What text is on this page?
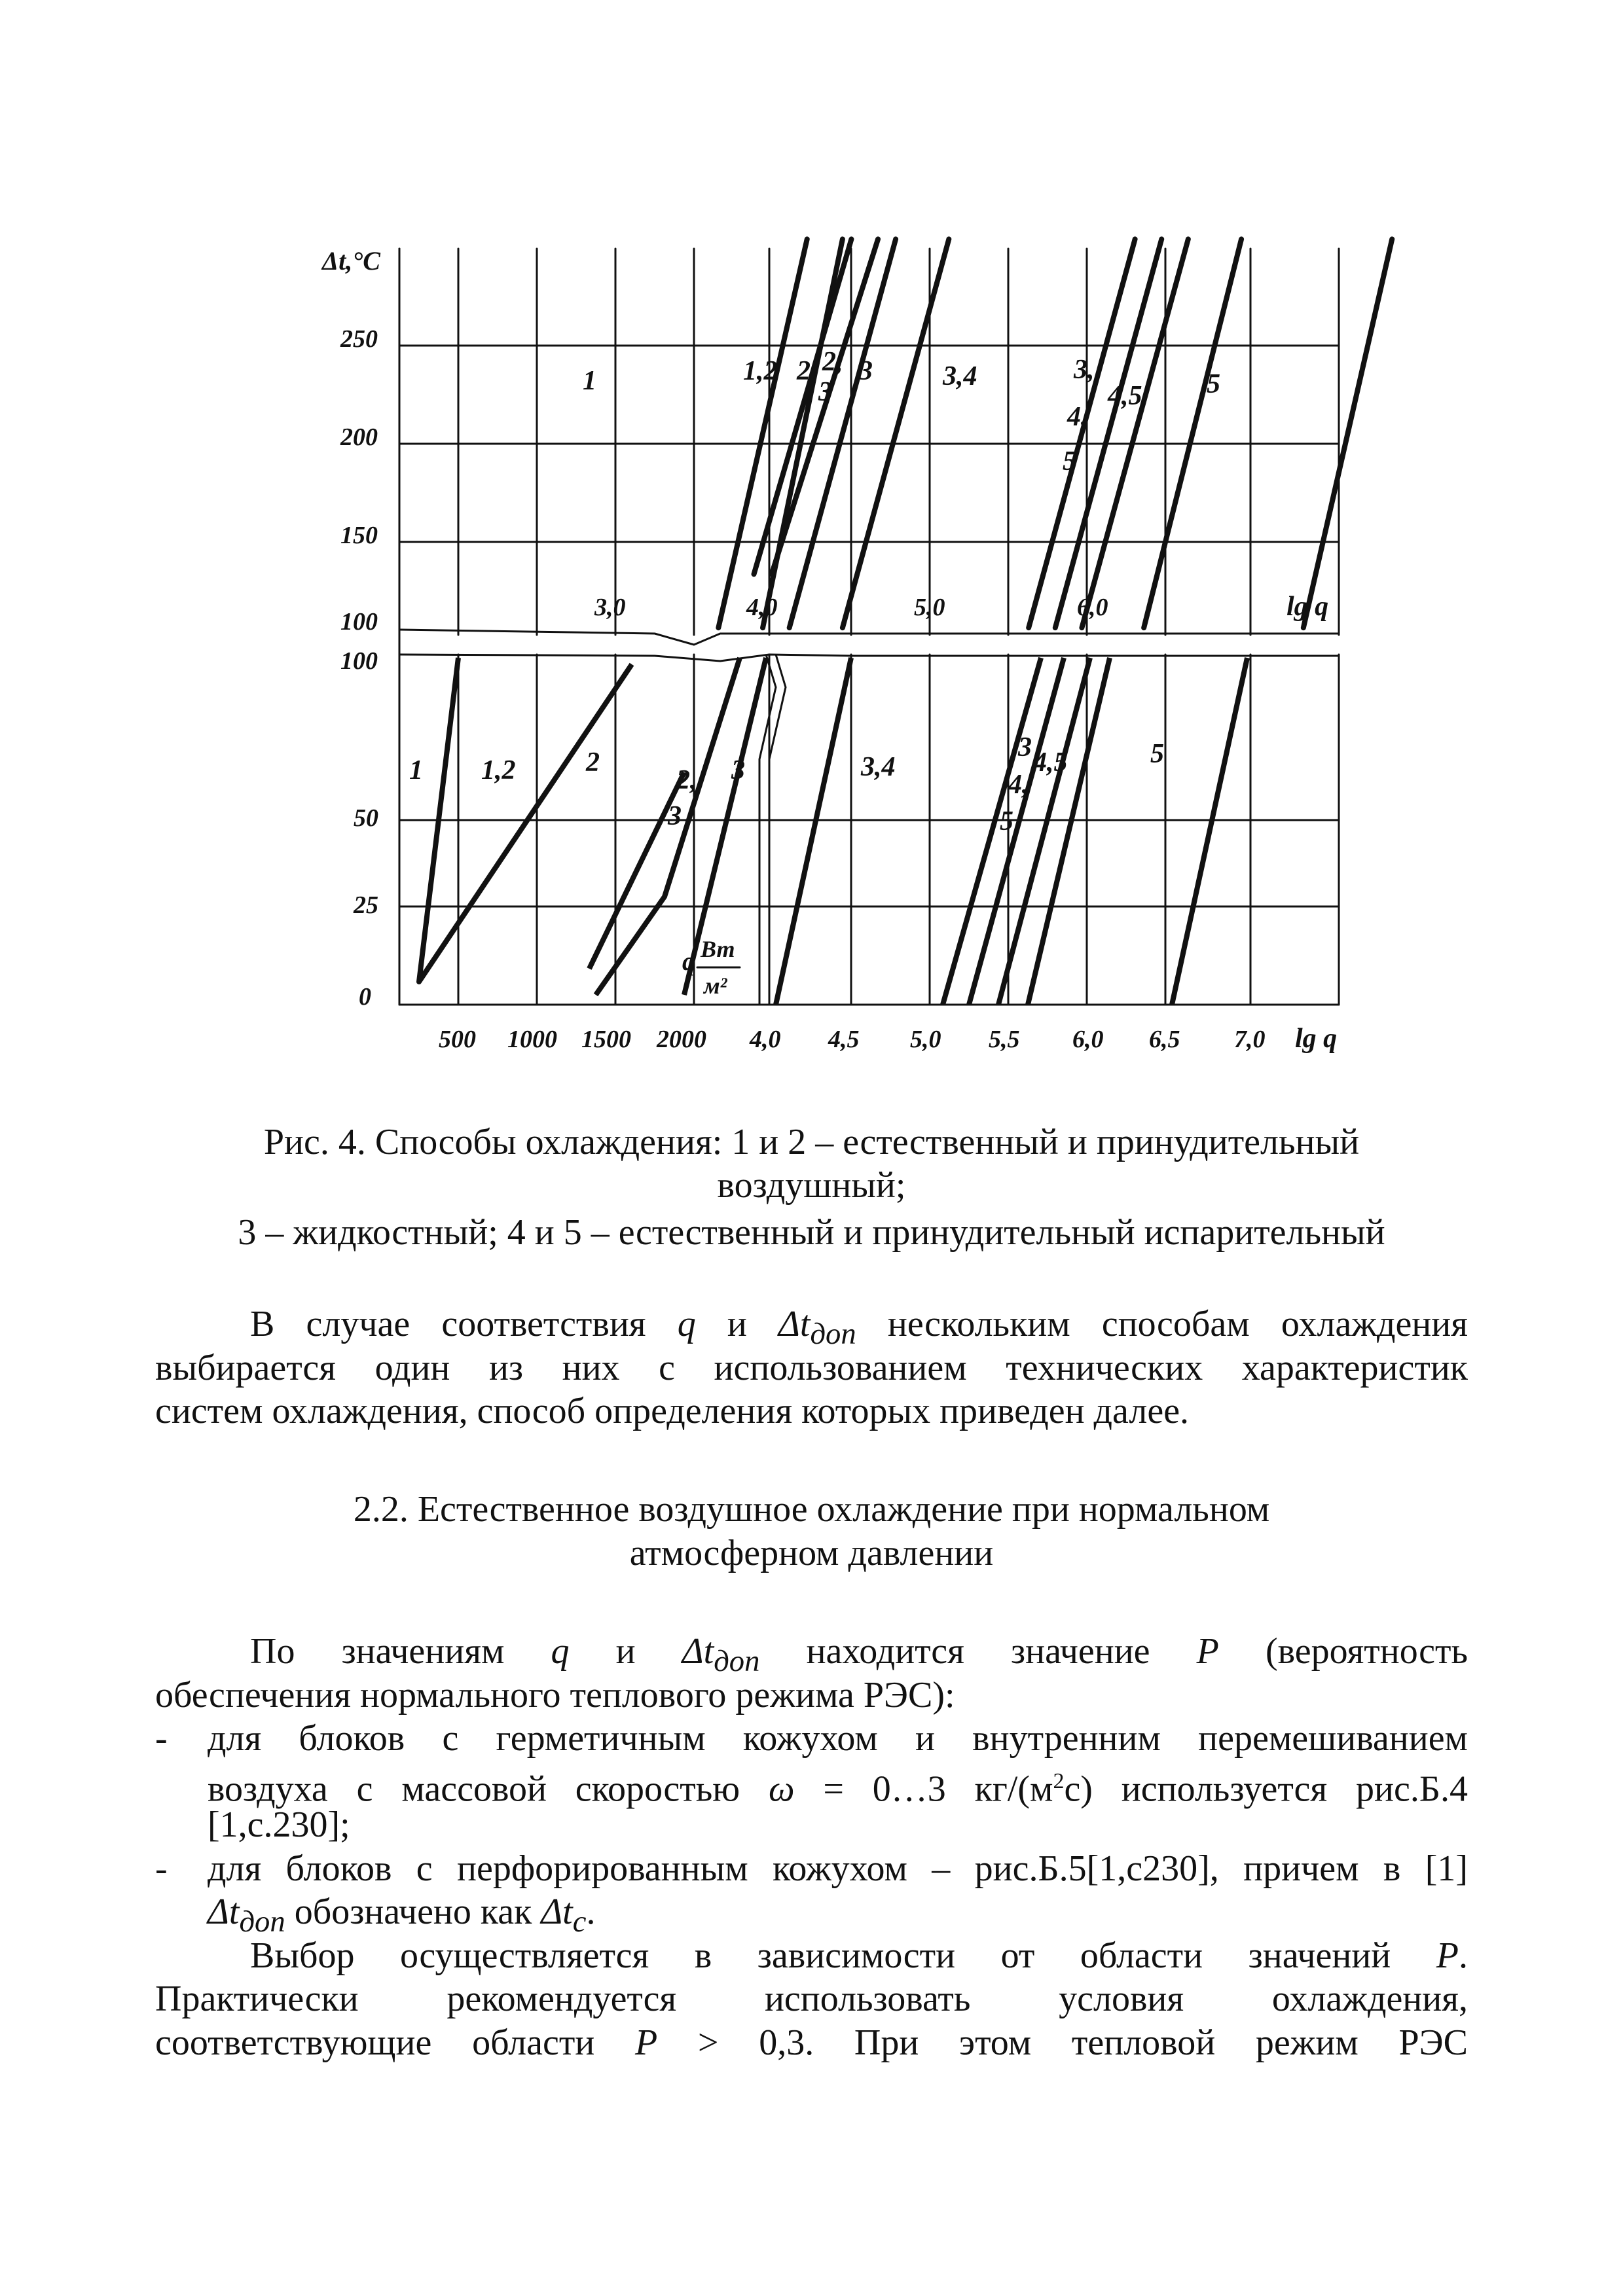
Δt,°C
250
200
150
100
3,0	4,0	5,0	6,0	lg q
1	1,2 2 2,
3
3	3,4	3,
4,
5
4,5 5
100
50
25
0
500 1000 1500 2000 4,0 4,5 5,0 5,5 6,0 6,5 7,0 lg q
q Вт
м²
1 1,2	2
2,
3
3	3,4
3
4,
5
4,5	5
Рис. 4. Способы охлаждения: 1 и 2 – естественный и принудительный
воздушный;
3 – жидкостный; 4 и 5 – естественный и принудительный испарительный
В случае соответствия q и $\Delta t_{доп}$ нескольким способам охлаждения
выбирается один из них с использованием технических характеристик
систем охлаждения, способ определения которых приведен далее.
2.2. Естественное воздушное охлаждение при нормальном
атмосферном давлении
По значениям q и $\Delta t_{доп}$ находится значение P (вероятность
обеспечения нормального теплового режима РЭС):
- для блоков с герметичным кожухом и внутренним перемешиванием
воздуха с массовой скоростью ω = 0…3 $кг/(м^2с)$ используется рис.Б.4
[1,с.230];
- для блоков с перфорированным кожухом – рис.Б.5[1,с230], причем в [1]
$\Delta t_{доп}$ обозначено как $\Delta t_с$.
Выбор осуществляется в зависимости от области значений P.
Практически рекомендуется использовать условия охлаждения,
соответствующие области P > 0,3. При этом тепловой режим РЭС
